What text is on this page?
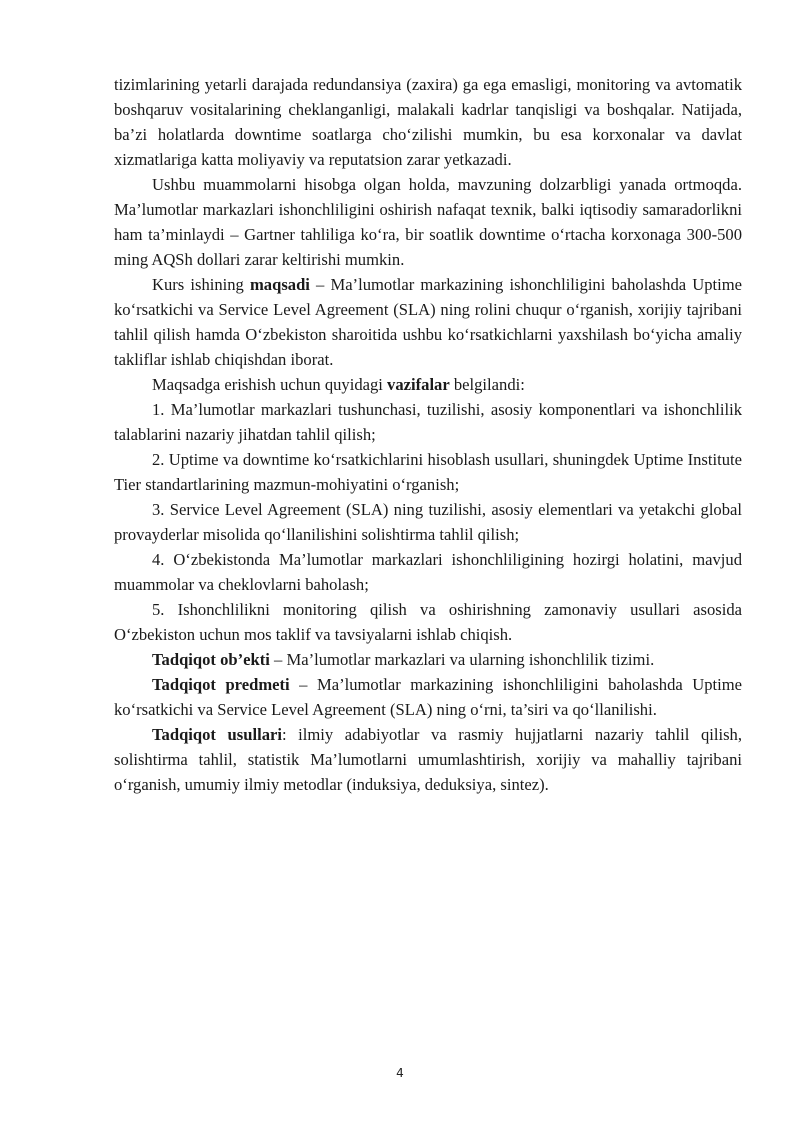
tizimlarining yetarli darajada redundansiya (zaxira) ga ega emasligi, monitoring va avtomatik boshqaruv vositalarining cheklanganligi, malakali kadrlar tanqisligi va boshqalar. Natijada, ba’zi holatlarda downtime soatlarga cho‘zilishi mumkin, bu esa korxonalar va davlat xizmatlariga katta moliyaviy va reputatsion zarar yetkazadi.

Ushbu muammolarni hisobga olgan holda, mavzuning dolzarbligi yanada ortmoqda. Ma’lumotlar markazlari ishonchliligini oshirish nafaqat texnik, balki iqtisodiy samaradorlikni ham ta’minlaydi – Gartner tahliliga ko‘ra, bir soatlik downtime o‘rtacha korxonaga 300-500 ming AQSh dollari zarar keltirishi mumkin.

Kurs ishining maqsadi – Ma’lumotlar markazining ishonchliligini baholashda Uptime ko‘rsatkichi va Service Level Agreement (SLA) ning rolini chuqur o‘rganish, xorijiy tajribani tahlil qilish hamda O‘zbekiston sharoitida ushbu ko‘rsatkichlarni yaxshilash bo‘yicha amaliy takliflar ishlab chiqishdan iborat.

Maqsadga erishish uchun quyidagi vazifalar belgilandi:

1. Ma’lumotlar markazlari tushunchasi, tuzilishi, asosiy komponentlari va ishonchlilik talablarini nazariy jihatdan tahlil qilish;

2. Uptime va downtime ko‘rsatkichlarini hisoblash usullari, shuningdek Uptime Institute Tier standartlarining mazmun-mohiyatini o‘rganish;

3. Service Level Agreement (SLA) ning tuzilishi, asosiy elementlari va yetakchi global provayderlar misolida qo‘llanilishini solishtirma tahlil qilish;

4. O‘zbekistonda Ma’lumotlar markazlari ishonchliligining hozirgi holatini, mavjud muammolar va cheklovlarni baholash;

5. Ishonchlilikni monitoring qilish va oshirishning zamonaviy usullari asosida O‘zbekiston uchun mos taklif va tavsiyalarni ishlab chiqish.

Tadqiqot ob’ekti – Ma’lumotlar markazlari va ularning ishonchlilik tizimi.

Tadqiqot predmeti – Ma’lumotlar markazining ishonchliligini baholashda Uptime ko‘rsatkichi va Service Level Agreement (SLA) ning o‘rni, ta’siri va qo‘llanilishi.

Tadqiqot usullari: ilmiy adabiyotlar va rasmiy hujjatlarni nazariy tahlil qilish, solishtirma tahlil, statistik Ma’lumotlarni umumlashtirish, xorijiy va mahalliy tajribani o‘rganish, umumiy ilmiy metodlar (induksiya, deduksiya, sintez).

4
